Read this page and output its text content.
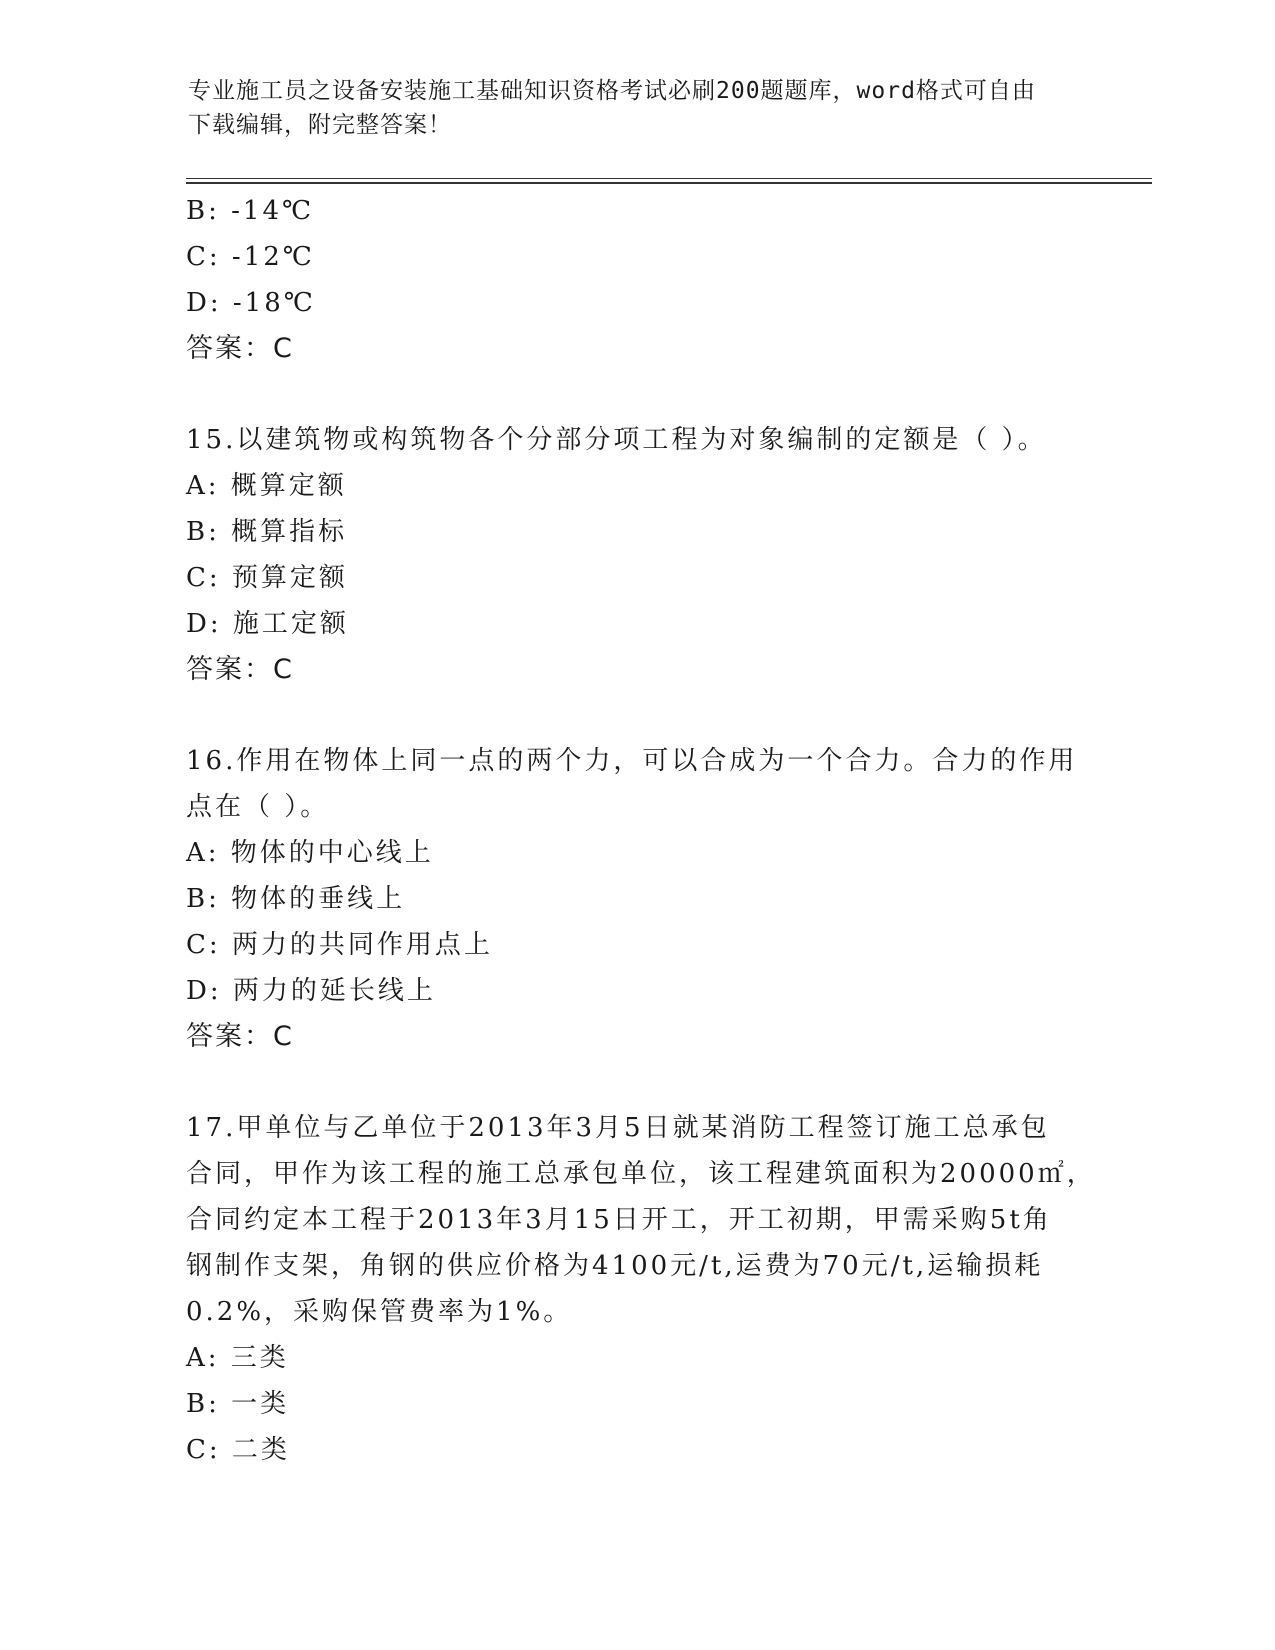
专业施工员之设备安装施工基础知识资格考试必刷200题题库，word格式可自由
下载编辑，附完整答案！
B: -14℃
C: -12℃
D: -18℃
答案：C
15.以建筑物或构筑物各个分部分项工程为对象编制的定额是（ ）。
A: 概算定额
B: 概算指标
C: 预算定额
D: 施工定额
答案：C
16.作用在物体上同一点的两个力，可以合成为一个合力。合力的作用
点在（ ）。
A: 物体的中心线上
B: 物体的垂线上
C: 两力的共同作用点上
D: 两力的延长线上
答案：C
17.甲单位与乙单位于2013年3月5日就某消防工程签订施工总承包
合同，甲作为该工程的施工总承包单位，该工程建筑面积为20000㎡，
合同约定本工程于2013年3月15日开工，开工初期，甲需采购5t角
钢制作支架，角钢的供应价格为4100元/t,运费为70元/t,运输损耗
0.2%，采购保管费率为1%。
A: 三类
B: 一类
C: 二类
